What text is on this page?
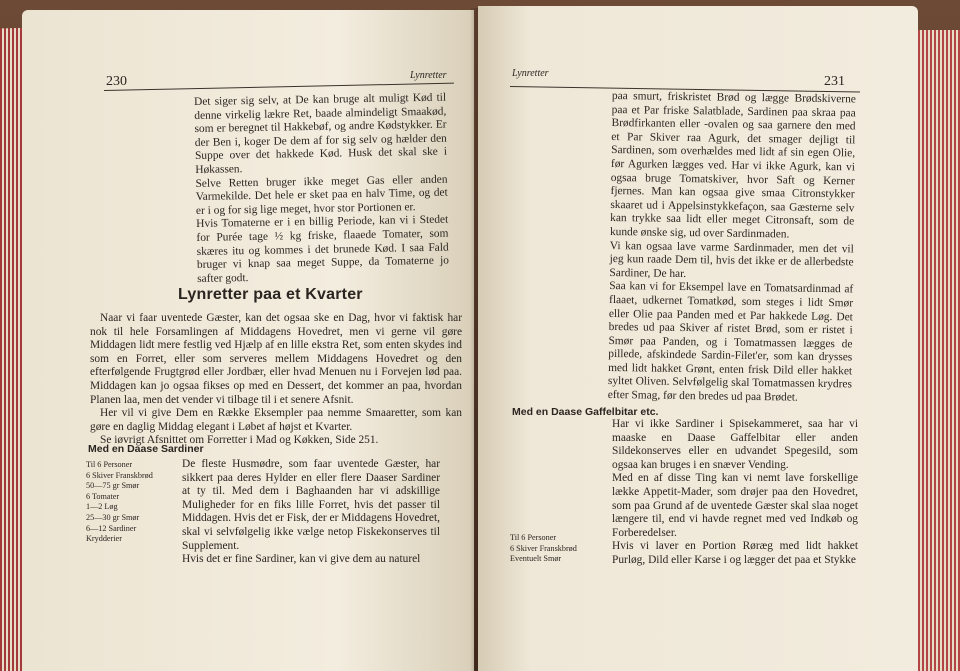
230	Lynretter

Det siger sig selv, at De kan bruge alt muligt Kød til denne virkelig lækre Ret, baade almindeligt Smaakød, som er beregnet til Hakkebøf, og andre Kødstykker. Er der Ben i, koger De dem af for sig selv og hælder den Suppe over det hakkede Kød. Husk det skal ske i Høkassen.

Selve Retten bruger ikke meget Gas eller anden Varmekilde. Det hele er sket paa en halv Time, og det er i og for sig lige meget, hvor stor Portionen er.

Hvis Tomaterne er i en billig Periode, kan vi i Stedet for Purée tage ½ kg friske, flaaede Tomater, som skæres itu og kommes i det brunede Kød. I saa Fald bruger vi knap saa meget Suppe, da Tomaterne jo safter godt.

Lynretter paa et Kvarter

Naar vi faar uventede Gæster, kan det ogsaa ske en Dag, hvor vi faktisk har nok til hele Forsamlingen af Middagens Hovedret, men vi gerne vil gøre Middagen lidt mere festlig ved Hjælp af en lille ekstra Ret, som enten skydes ind som en Forret, eller som serveres mellem Middagens Hovedret og den efterfølgende Frugtgrød eller Jordbær, eller hvad Menuen nu i Forvejen lød paa. Middagen kan jo ogsaa fikses op med en Dessert, det kommer an paa, hvordan Planen laa, men det vender vi tilbage til i et senere Afsnit.

Her vil vi give Dem en Række Eksempler paa nemme Smaaretter, som kan gøre en daglig Middag elegant i Løbet af højst et Kvarter.

Se iøvrigt Afsnittet om Forretter i Mad og Køkken, Side 251.

Med en Daase Sardiner
Til 6 Personer
6 Skiver Franskbrød
50—75 gr Smør
6 Tomater
1—2 Løg
25—30 gr Smør
6—12 Sardiner
Krydderier

De fleste Husmødre, som faar uventede Gæster, har sikkert paa deres Hylder en eller flere Daaser Sardiner at ty til. Med dem i Baghaanden har vi adskillige Muligheder for en fiks lille Forret, hvis det passer til Middagen. Hvis det er Fisk, der er Middagens Hovedret, skal vi selvfølgelig ikke vælge netop Fiskekonserves til Supplement.

Hvis det er fine Sardiner, kan vi give dem au naturel

Lynretter
231

paa smurt, friskristet Brød og lægge Brødskiverne paa et Par friske Salatblade, Sardinen paa skraa paa Brødfirkanten eller -ovalen og saa garnere den med et Par Skiver raa Agurk, det smager dejligt til Sardinen, som overhældes med lidt af sin egen Olie, før Agurken lægges ved. Har vi ikke Agurk, kan vi ogsaa bruge Tomatskiver, hvor Saft og Kerner fjernes. Man kan ogsaa give smaa Citronstykker skaaret ud i Appelsinstykkefaçon, saa Gæsterne selv kan trykke saa lidt eller meget Citronsaft, som de kunde ønske sig, ud over Sardinmaden.

Vi kan ogsaa lave varme Sardinmader, men det vil jeg kun raade Dem til, hvis det ikke er de allerbedste Sardiner, De har.

Saa kan vi for Eksempel lave en Tomatsardinmad af flaaet, udkernet Tomatkød, som steges i lidt Smør eller Olie paa Panden med et Par hakkede Løg. Det bredes ud paa Skiver af ristet Brød, som er ristet i Smør paa Panden, og i Tomatmassen lægges de pillede, afskindede Sardin-Filet'er, som kan drysses med lidt hakket Grønt, enten frisk Dild eller hakket syltet Oliven. Selvfølgelig skal Tomatmassen krydres efter Smag, før den bredes ud paa Brødet.

Med en Daase Gaffelbitar etc.

Har vi ikke Sardiner i Spisekammeret, saa har vi maaske en Daase Gaffelbitar eller anden Sildekonserves eller en udvandet Spegesild, som ogsaa kan bruges i en snæver Vending.

Med en af disse Ting kan vi nemt lave forskellige lække Appetit-Mader, som drøjer paa den Hovedret, som paa Grund af de uventede Gæster skal slaa noget længere til, end vi havde regnet med ved Indkøb og Forberedelser.

Hvis vi laver en Portion Røræg med lidt hakket Purløg, Dild eller Karse i og lægger det paa et Stykke

Til 6 Personer
6 Skiver Franskbrød
Eventuelt Smør
